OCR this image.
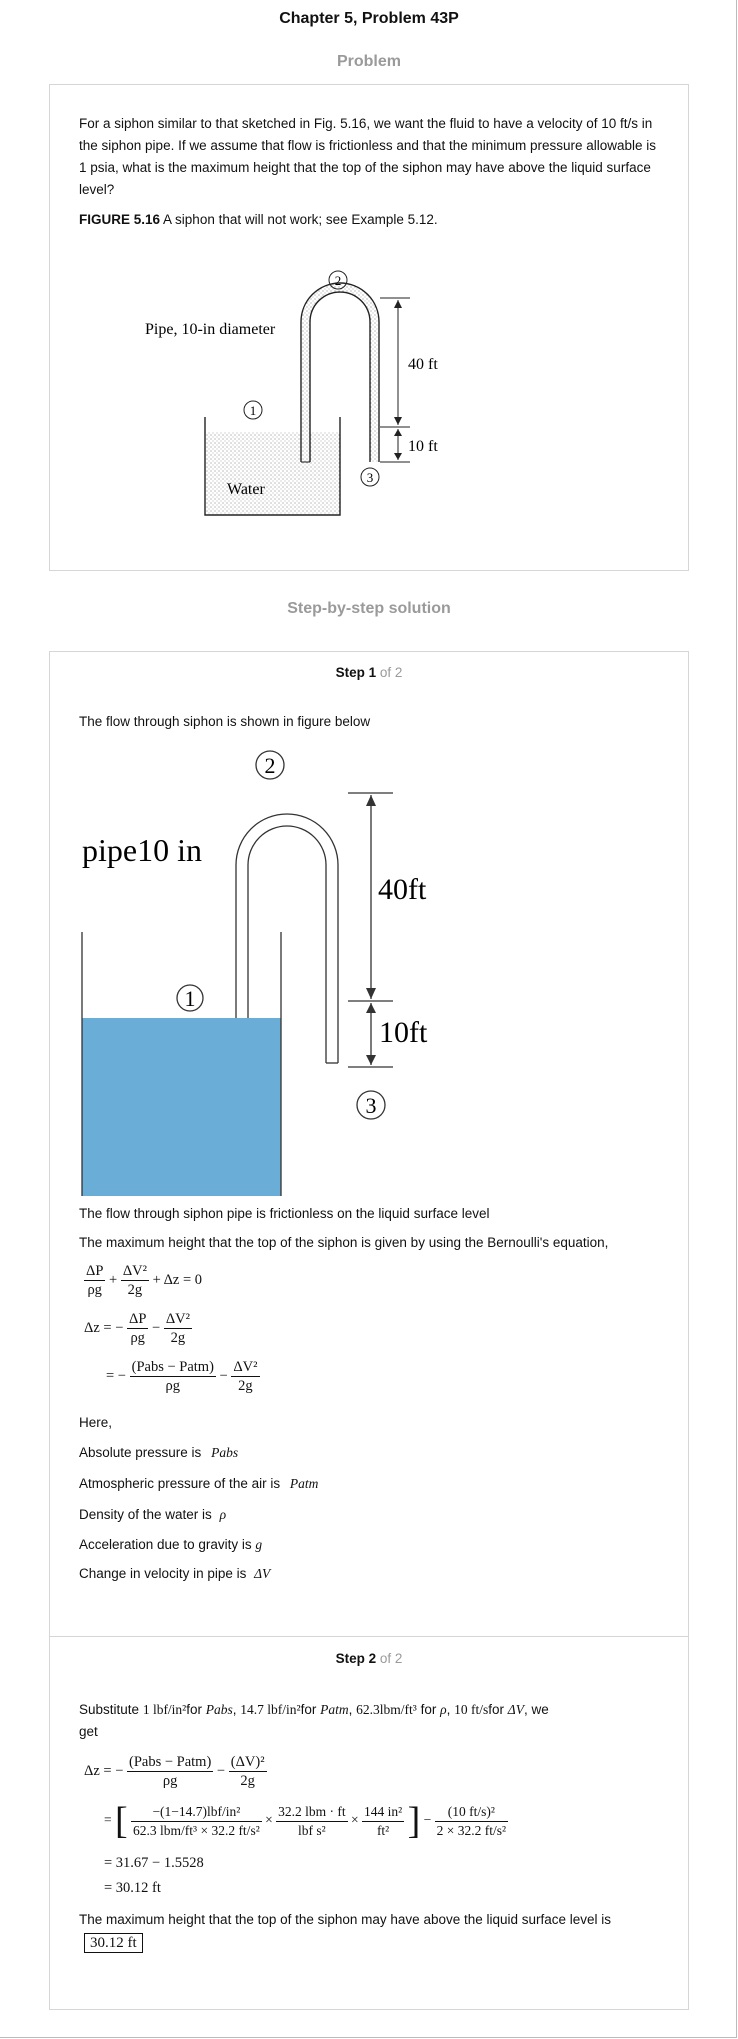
Chapter 5, Problem 43P
Problem
For a siphon similar to that sketched in Fig. 5.16, we want the fluid to have a velocity of 10 ft/s in the siphon pipe. If we assume that flow is frictionless and that the minimum pressure allowable is 1 psia, what is the maximum height that the top of the siphon may have above the liquid surface level?
FIGURE 5.16 A siphon that will not work; see Example 5.12.
40 ft
10 ft
Pipe, 10-in diameter
Water
2
1
3
Step-by-step solution
Step 1 of 2
The flow through siphon is shown in figure below
40ft
10ft
pipe10 in
2
1
3
The flow through siphon pipe is frictionless on the liquid surface level
The maximum height that the top of the siphon is given by using the Bernoulli's equation,
$\frac{\Delta P}{\rho g} + \frac{\text{ΔV²}}{2g} + \Delta z = 0$
Δz = − $\frac{\Delta P}{\rho g} - \frac{\text{ΔV²}}{2g}$
= − $\frac{\text{(Pabs − Patm)}}{\rho g} - \frac{\text{ΔV²}}{2g}$
Here,
Absolute pressure is Pabs
Atmospheric pressure of the air is Patm
Density of the water is ρ
Acceleration due to gravity is g
Change in velocity in pipe is ΔV
Step 2 of 2
Substitute 1 lbf/in²for Pabs, 14.7 lbf/in²for Patm, 62.3lbm/ft³ for ρ, 10 ft/sfor ΔV, we
get
Δz = − $\frac{\text{(Pabs − Patm)}}{\rho g} - \frac{\text{(ΔV)²}}{2g}$
= [ $\frac{\text{−(1−14.7)lbf/in²}}{\text{62.3 lbm/ft³ × 32.2 ft/s²}} \times \frac{\text{32.2 lbm · ft}}{\text{lbf s²}} \times \frac{\text{144 in²}}{\text{ft²}}$ ] − $\frac{\text{(10 ft/s)²}}{\text{2 × 32.2 ft/s²}}$
= 31.67 − 1.5528
= 30.12 ft
The maximum height that the top of the siphon may have above the liquid surface level is
30.12 ft
